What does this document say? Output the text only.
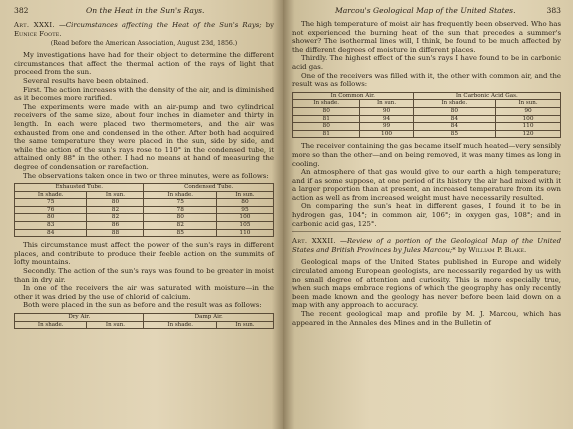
382	On the Heat in the Sun's Rays.
Art. XXXI. —Circumstances affecting the Heat of the Sun's Rays; by Eunice Foote.
(Read before the American Association, August 23d, 1856.)

My investigations have had for their object to determine the different circumstances that affect the thermal action of the rays of light that proceed from the sun.

Several results have been obtained.

First. The action increases with the density of the air, and is diminished as it becomes more rarified.

The experiments were made with an air-pump and two cylindrical receivers of the same size, about four inches in diameter and thirty in length. In each were placed two thermometers, and the air was exhausted from one and condensed in the other. After both had acquired the same temperature they were placed in the sun, side by side, and while the action of the sun's rays rose to 110° in the condensed tube, it attained only 88° in the other. I had no means at hand of measuring the degree of condensation or rarefaction.

The observations taken once in two or three minutes, were as follows:

Exhausted Tube.		Condensed Tube.	
In shade.	In sun.	In shade.	In sun.
75	80	75	80
76	82	78	95
80	82	80	100
83	86	82	105
84	88	85	110

This circumstance must affect the power of the sun's rays in different places, and contribute to produce their feeble action on the summits of lofty mountains.

Secondly. The action of the sun's rays was found to be greater in moist than in dry air.

In one of the receivers the air was saturated with moisture—in the other it was dried by the use of chlorid of calcium.

Both were placed in the sun as before and the result was as follows:

Dry Air.		Damp Air.	
In shade.	In sun.	In shade.	In sun.
Marcou's Geological Map of the United States.	383

The high temperature of moist air has frequently been observed. Who has not experienced the burning heat of the sun that precedes a summer's shower? The isothermal lines will, I think, be found to be much affected by the different degrees of moisture in different places.

Thirdly. The highest effect of the sun's rays I have found to be in carbonic acid gas.

One of the receivers was filled with it, the other with common air, and the result was as follows:

In Common Air.		In Carbonic Acid Gas.	
In shade.	In sun.	In shade.	In sun.
80	90	80	90
81	94	84	100
80	99	84	110
81	100	85	120

The receiver containing the gas became itself much heated—very sensibly more so than the other—and on being removed, it was many times as long in cooling.

An atmosphere of that gas would give to our earth a high temperature; and if as some suppose, at one period of its history the air had mixed with it a larger proportion than at present, an increased temperature from its own action as well as from increased weight must have necessarily resulted.

On comparing the sun's heat in different gases, I found it to be in hydrogen gas, 104°; in common air, 106°; in oxygen gas, 108°; and in carbonic acid gas, 125°.

Art. XXXII. —Review of a portion of the Geological Map of the United States and British Provinces by Jules Marcou;* by William P. Blake.

Geological maps of the United States published in Europe and widely circulated among European geologists, are necessarily regarded by us with no small degree of attention and curiosity. This is more especially true, when such maps embrace regions of which the geography has only recently been made known and the geology has never before been laid down on a map with any approach to accuracy.

The recent geological map and profile by M. J. Marcou, which has appeared in the Annales des Mines and in the Bulletin of
